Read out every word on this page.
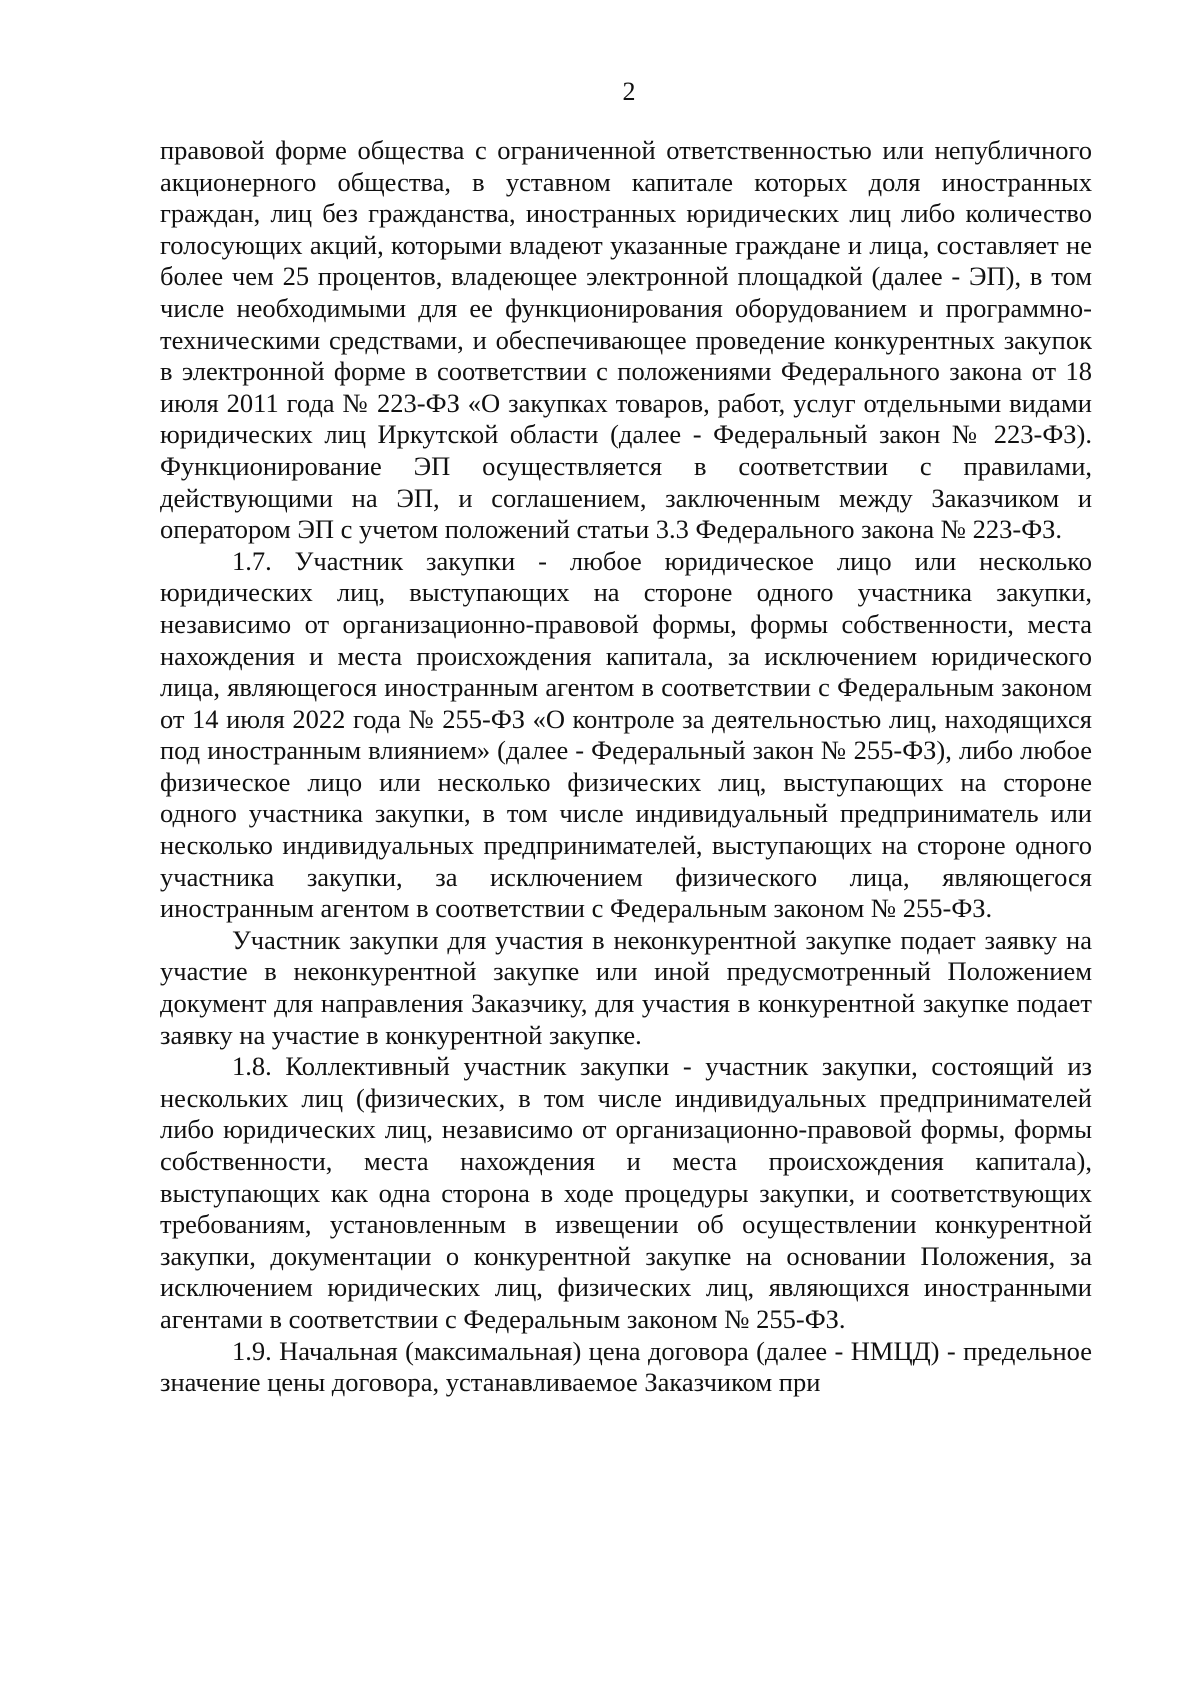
2

правовой форме общества с ограниченной ответственностью или непубличного акционерного общества, в уставном капитале которых доля иностранных граждан, лиц без гражданства, иностранных юридических лиц либо количество голосующих акций, которыми владеют указанные граждане и лица, составляет не более чем 25 процентов, владеющее электронной площадкой (далее - ЭП), в том числе необходимыми для ее функционирования оборудованием и программно-техническими средствами, и обеспечивающее проведение конкурентных закупок в электронной форме в соответствии с положениями Федерального закона от 18 июля 2011 года № 223-ФЗ «О закупках товаров, работ, услуг отдельными видами юридических лиц Иркутской области (далее - Федеральный закон № 223-ФЗ). Функционирование ЭП осуществляется в соответствии с правилами, действующими на ЭП, и соглашением, заключенным между Заказчиком и оператором ЭП с учетом положений статьи 3.3 Федерального закона № 223-ФЗ.

1.7. Участник закупки - любое юридическое лицо или несколько юридических лиц, выступающих на стороне одного участника закупки, независимо от организационно-правовой формы, формы собственности, места нахождения и места происхождения капитала, за исключением юридического лица, являющегося иностранным агентом в соответствии с Федеральным законом от 14 июля 2022 года № 255-ФЗ «О контроле за деятельностью лиц, находящихся под иностранным влиянием» (далее - Федеральный закон № 255-ФЗ), либо любое физическое лицо или несколько физических лиц, выступающих на стороне одного участника закупки, в том числе индивидуальный предприниматель или несколько индивидуальных предпринимателей, выступающих на стороне одного участника закупки, за исключением физического лица, являющегося иностранным агентом в соответствии с Федеральным законом № 255-ФЗ.

Участник закупки для участия в неконкурентной закупке подает заявку на участие в неконкурентной закупке или иной предусмотренный Положением документ для направления Заказчику, для участия в конкурентной закупке подает заявку на участие в конкурентной закупке.

1.8. Коллективный участник закупки - участник закупки, состоящий из нескольких лиц (физических, в том числе индивидуальных предпринимателей либо юридических лиц, независимо от организационно-правовой формы, формы собственности, места нахождения и места происхождения капитала), выступающих как одна сторона в ходе процедуры закупки, и соответствующих требованиям, установленным в извещении об осуществлении конкурентной закупки, документации о конкурентной закупке на основании Положения, за исключением юридических лиц, физических лиц, являющихся иностранными агентами в соответствии с Федеральным законом № 255-ФЗ.

1.9. Начальная (максимальная) цена договора (далее - НМЦД) - предельное значение цены договора, устанавливаемое Заказчиком при
